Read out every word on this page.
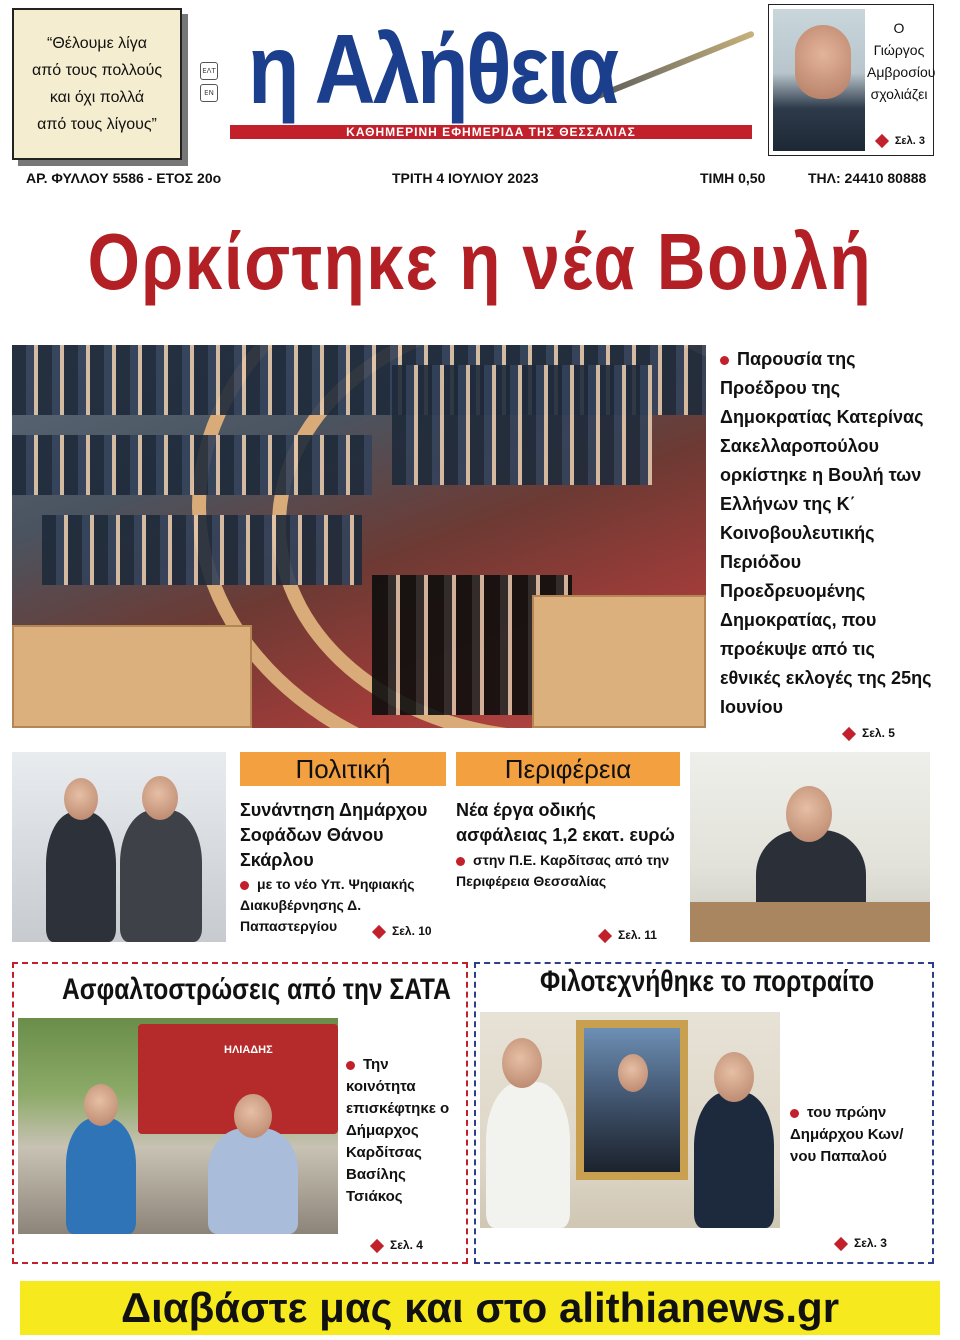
“Θέλουμε λίγα
από τους πολλούς
και όχι πολλά
από τους λίγους”
ΕΛΤ
ΕΝ η Αλήθεια
ΚΑΘΗΜΕΡΙΝΗ ΕΦΗΜΕΡΙΔΑ ΤΗΣ ΘΕΣΣΑΛΙΑΣ
Ο Γιώργος
Αμβροσίου
σχολιάζει
Σελ. 3
ΑΡ. ΦΥΛΛΟΥ 5586 - ΕΤΟΣ 20ο	ΤΡΙΤΗ 4 ΙΟΥΛΙΟΥ 2023	ΤΙΜΗ 0,50	ΤΗΛ: 24410 80888
Ορκίστηκε η νέα Βουλή
Παρουσία της Προέδρου της Δημοκρατίας Κατερίνας Σακελλαροπούλου ορκίστηκε η Βουλή των Ελλήνων της Κ΄ Κοινοβουλευτικής Περιόδου Προεδρευομένης Δημοκρατίας, που προέκυψε από τις εθνικές εκλογές της 25ης Ιουνίου
Σελ. 5
Πολιτική
Συνάντηση Δημάρχου Σοφάδων Θάνου Σκάρλου
με το νέο Υπ. Ψηφιακής Διακυβέρνησης Δ. Παπαστεργίου	Σελ. 10
Περιφέρεια
Νέα έργα οδικής ασφάλειας 1,2 εκατ. ευρώ
στην Π.Ε. Καρδίτσας από την Περιφέρεια Θεσσαλίας
Σελ. 11
Ασφαλτοστρώσεις από την ΣΑΤΑ
ΗΛΙΑΔΗΣ
Την κοινότητα επισκέφτηκε ο Δήμαρχος Καρδίτσας Βασίλης Τσιάκος
Σελ. 4
Φιλοτεχνήθηκε το πορτραίτο
του πρώην Δημάρχου Κων/νου Παπαλού
Σελ. 3
Διαβάστε μας και στο alithianews.gr
